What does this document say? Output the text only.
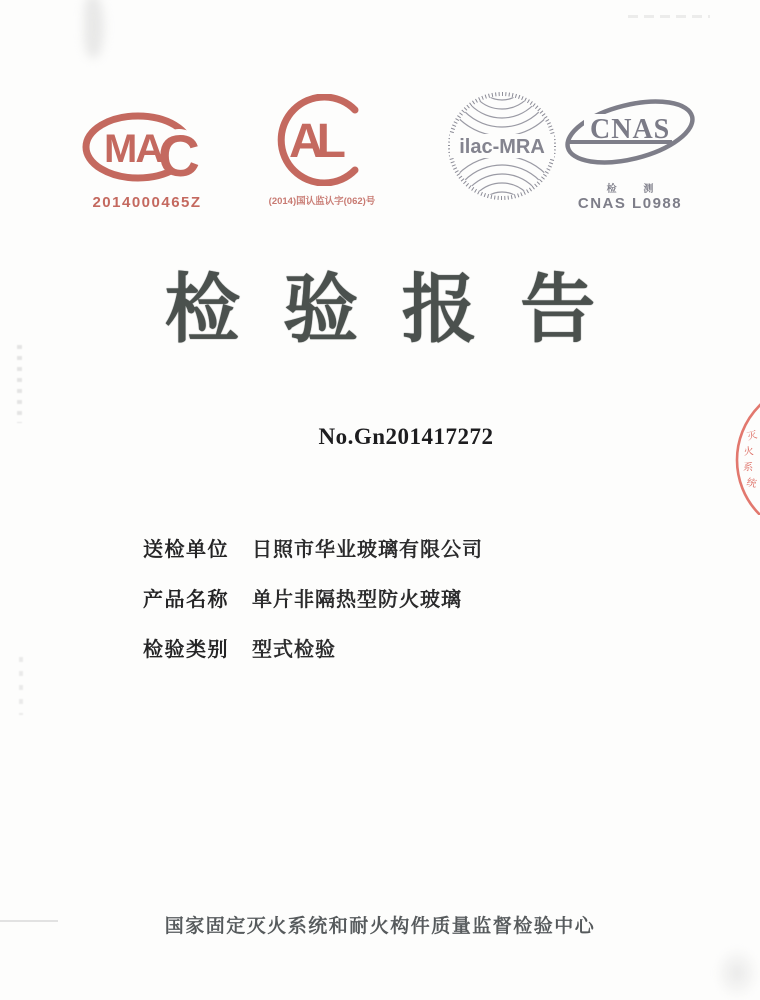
MA
C
2014000465Z
AL
(2014)国认监认字(062)号
ilac-MRA
CNAS
检 测
CNAS L0988
检验报告
No.Gn201417272
送检单位 日照市华业玻璃有限公司
产品名称 单片非隔热型防火玻璃
检验类别 型式检验
国家固定灭火系统和耐火构件质量监督检验中心
灭
火
系
统
